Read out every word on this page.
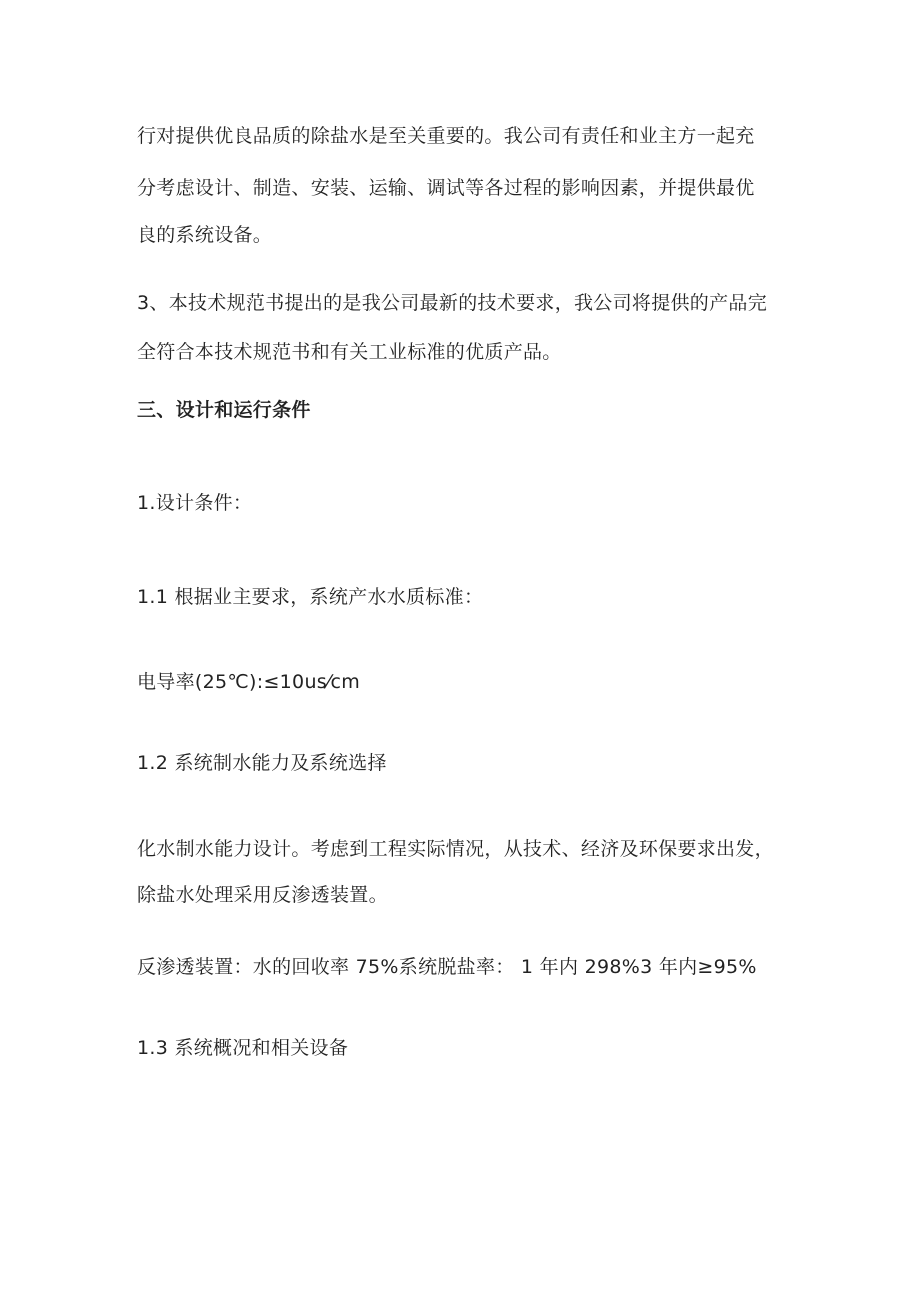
行对提供优良品质的除盐水是至关重要的。我公司有责任和业主方一起充
分考虑设计、制造、安装、运输、调试等各过程的影响因素，并提供最优
良的系统设备。
3、本技术规范书提出的是我公司最新的技术要求，我公司将提供的产品完
全符合本技术规范书和有关工业标准的优质产品。
三、设计和运行条件
1.设计条件：
1.1 根据业主要求，系统产水水质标准：
电导率(25℃):≤10us⁄cm
1.2 系统制水能力及系统选择
化水制水能力设计。考虑到工程实际情况，从技术、经济及环保要求出发，
除盐水处理采用反渗透装置。
反渗透装置：水的回收率 75%系统脱盐率： 1 年内 298%3 年内≥95%
1.3 系统概况和相关设备
